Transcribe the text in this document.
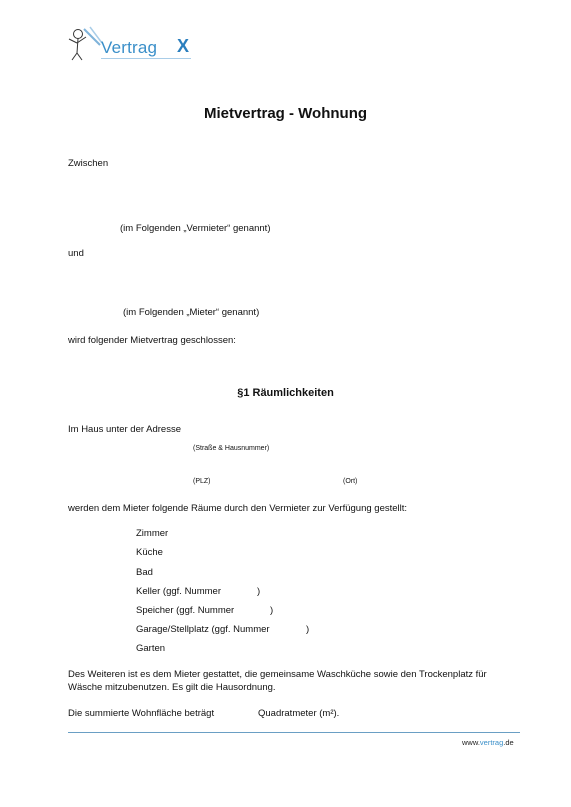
Vertrag X
Mietvertrag - Wohnung
Zwischen
(im Folgenden „Vermieter“ genannt)
und
(im Folgenden „Mieter“ genannt)
wird folgender Mietvertrag geschlossen:
§1 Räumlichkeiten
Im Haus unter der Adresse
(Straße & Hausnummer)
(PLZ)	(Ort)
werden dem Mieter folgende Räume durch den Vermieter zur Verfügung gestellt:
Zimmer
Küche
Bad
Keller (ggf. Nummer	)
Speicher (ggf. Nummer	)
Garage/Stellplatz (ggf. Nummer	)
Garten
Des Weiteren ist es dem Mieter gestattet, die gemeinsame Waschküche sowie den Trockenplatz für
Wäsche mitzubenutzen. Es gilt die Hausordnung.
Die summierte Wohnfläche beträgt	Quadratmeter (m²).
www.vertrag.de
